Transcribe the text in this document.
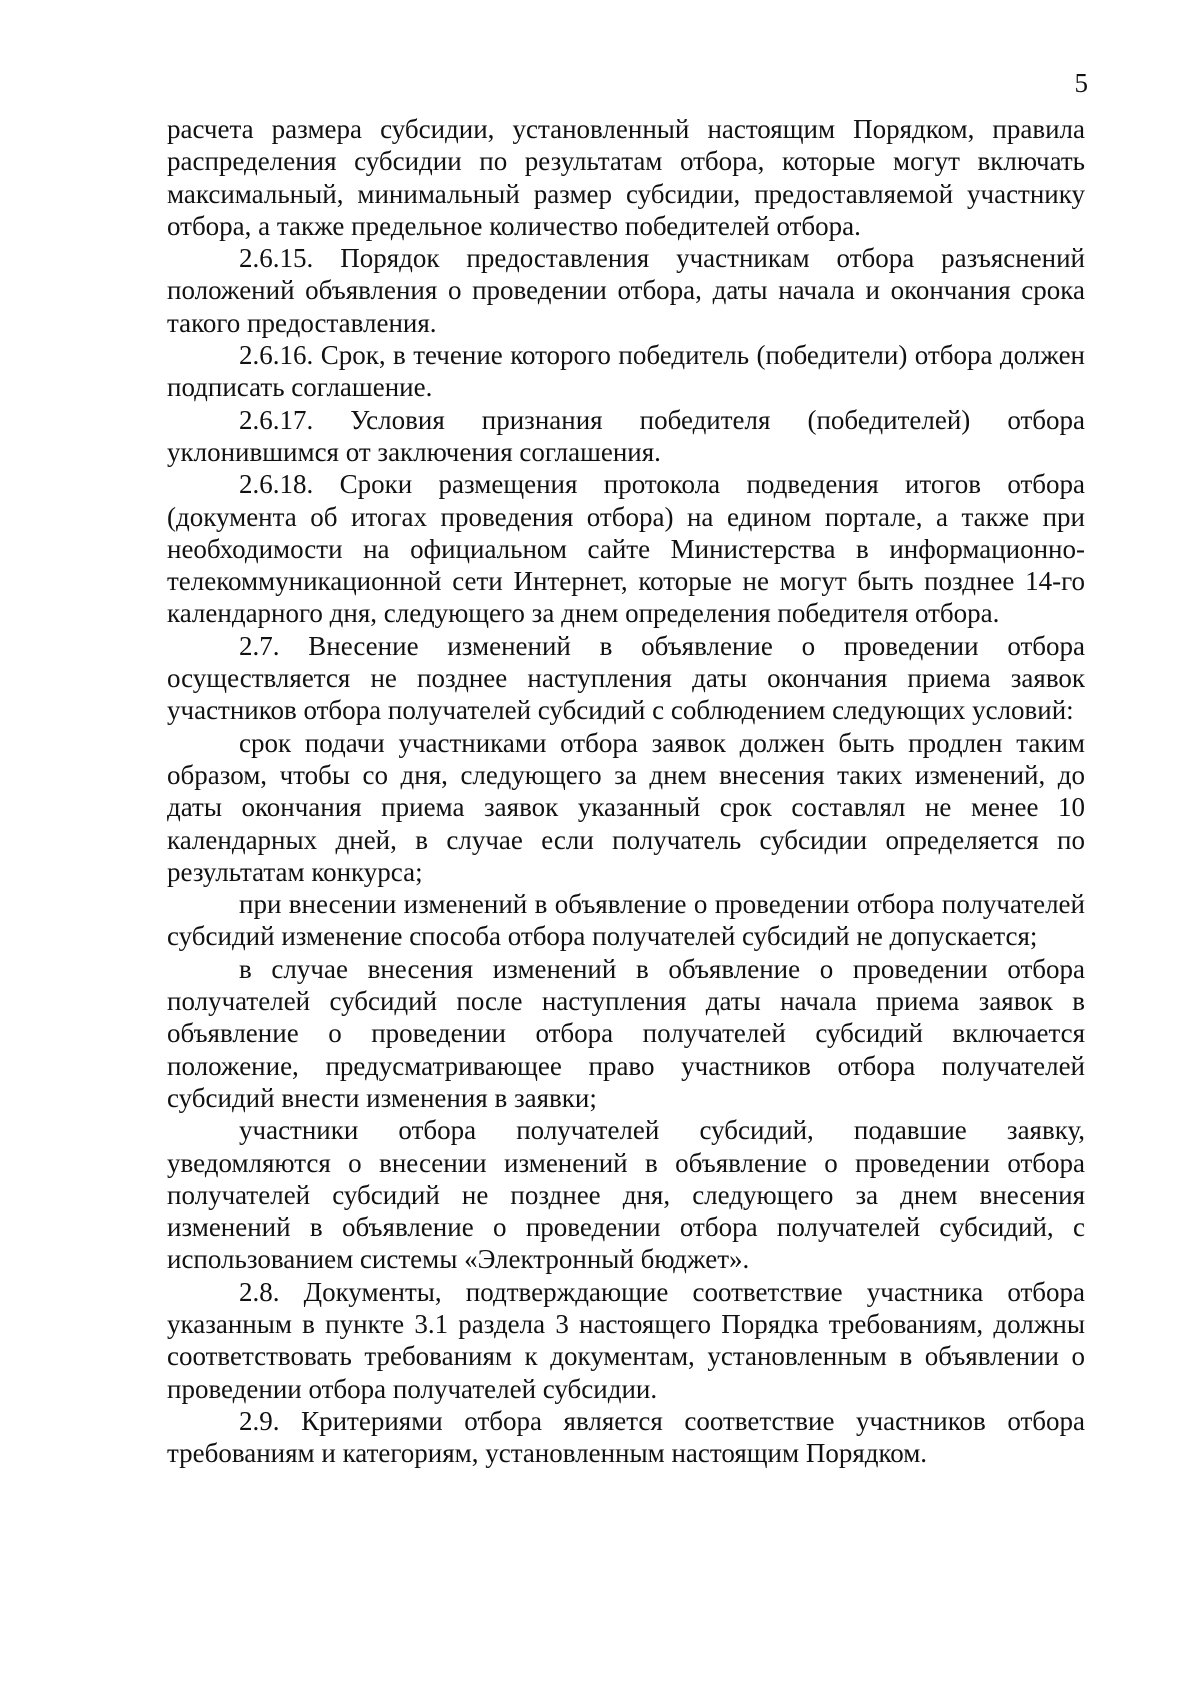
5

расчета размера субсидии, установленный настоящим Порядком, правила распределения субсидии по результатам отбора, которые могут включать максимальный, минимальный размер субсидии, предоставляемой участнику отбора, а также предельное количество победителей отбора.

2.6.15. Порядок предоставления участникам отбора разъяснений положений объявления о проведении отбора, даты начала и окончания срока такого предоставления.

2.6.16. Срок, в течение которого победитель (победители) отбора должен подписать соглашение.

2.6.17. Условия признания победителя (победителей) отбора уклонившимся от заключения соглашения.

2.6.18. Сроки размещения протокола подведения итогов отбора (документа об итогах проведения отбора) на едином портале, а также при необходимости на официальном сайте Министерства в информационно-телекоммуникационной сети Интернет, которые не могут быть позднее 14-го календарного дня, следующего за днем определения победителя отбора.

2.7. Внесение изменений в объявление о проведении отбора осуществляется не позднее наступления даты окончания приема заявок участников отбора получателей субсидий с соблюдением следующих условий:

срок подачи участниками отбора заявок должен быть продлен таким образом, чтобы со дня, следующего за днем внесения таких изменений, до даты окончания приема заявок указанный срок составлял не менее 10 календарных дней, в случае если получатель субсидии определяется по результатам конкурса;

при внесении изменений в объявление о проведении отбора получателей субсидий изменение способа отбора получателей субсидий не допускается;

в случае внесения изменений в объявление о проведении отбора получателей субсидий после наступления даты начала приема заявок в объявление о проведении отбора получателей субсидий включается положение, предусматривающее право участников отбора получателей субсидий внести изменения в заявки;

участники отбора получателей субсидий, подавшие заявку, уведомляются о внесении изменений в объявление о проведении отбора получателей субсидий не позднее дня, следующего за днем внесения изменений в объявление о проведении отбора получателей субсидий, с использованием системы «Электронный бюджет».

2.8. Документы, подтверждающие соответствие участника отбора указанным в пункте 3.1 раздела 3 настоящего Порядка требованиям, должны соответствовать требованиям к документам, установленным в объявлении о проведении отбора получателей субсидии.

2.9. Критериями отбора является соответствие участников отбора требованиям и категориям, установленным настоящим Порядком.
